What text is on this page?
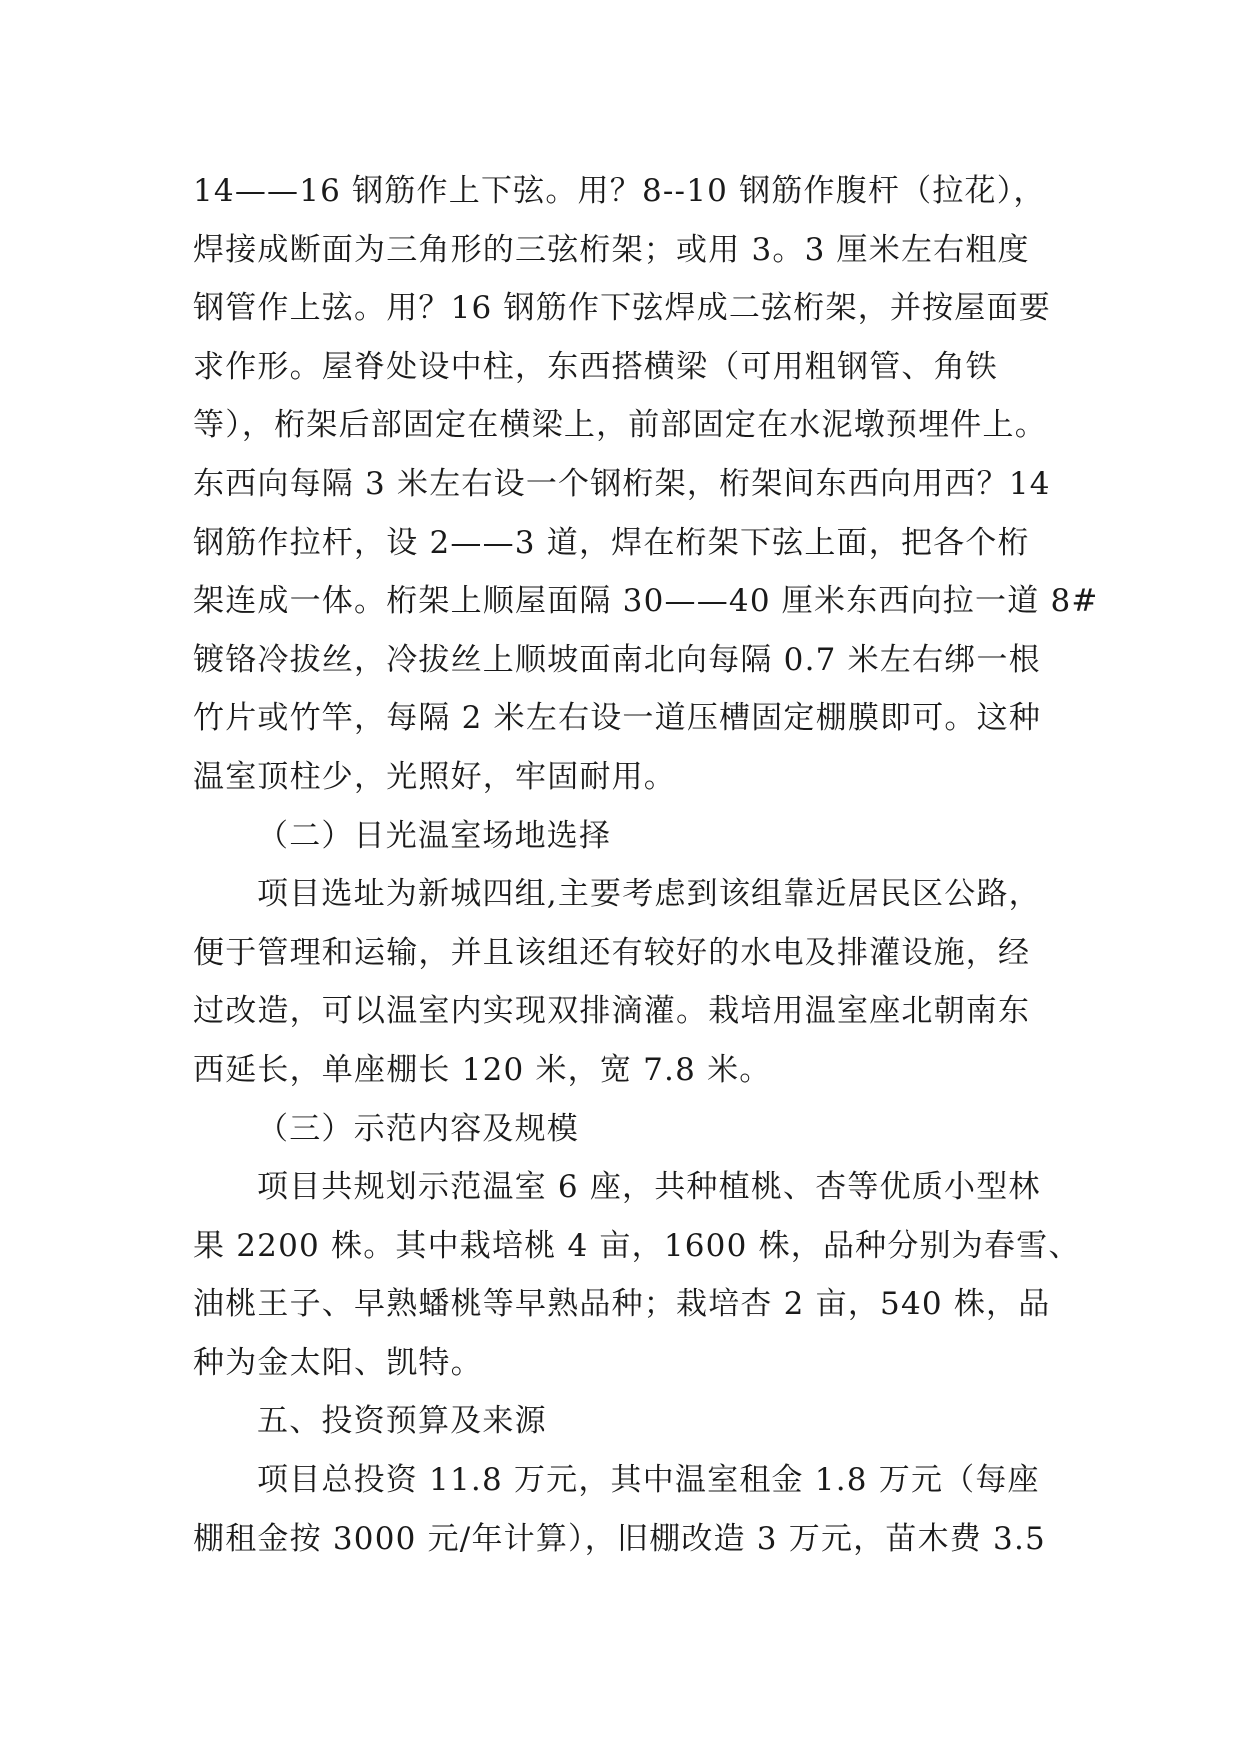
14——16 钢筋作上下弦。用？8--10 钢筋作腹杆（拉花），
焊接成断面为三角形的三弦桁架；或用 3。3 厘米左右粗度
钢管作上弦。用？16 钢筋作下弦焊成二弦桁架，并按屋面要
求作形。屋脊处设中柱，东西搭横梁（可用粗钢管、角铁
等），桁架后部固定在横梁上，前部固定在水泥墩预埋件上。
东西向每隔 3 米左右设一个钢桁架，桁架间东西向用西？14
钢筋作拉杆，设 2——3 道，焊在桁架下弦上面，把各个桁
架连成一体。桁架上顺屋面隔 30——40 厘米东西向拉一道 8#
镀铬冷拔丝，冷拔丝上顺坡面南北向每隔 0.7 米左右绑一根
竹片或竹竿，每隔 2 米左右设一道压槽固定棚膜即可。这种
温室顶柱少，光照好，牢固耐用。

（二）日光温室场地选择

项目选址为新城四组,主要考虑到该组靠近居民区公路，
便于管理和运输，并且该组还有较好的水电及排灌设施，经
过改造，可以温室内实现双排滴灌。栽培用温室座北朝南东
西延长，单座棚长 120 米，宽 7.8 米。

（三）示范内容及规模

项目共规划示范温室 6 座，共种植桃、杏等优质小型林
果 2200 株。其中栽培桃 4 亩，1600 株，品种分别为春雪、
油桃王子、早熟蟠桃等早熟品种；栽培杏 2 亩，540 株，品
种为金太阳、凯特。

五、投资预算及来源

项目总投资 11.8 万元，其中温室租金 1.8 万元（每座
棚租金按 3000 元/年计算），旧棚改造 3 万元，苗木费 3.5
